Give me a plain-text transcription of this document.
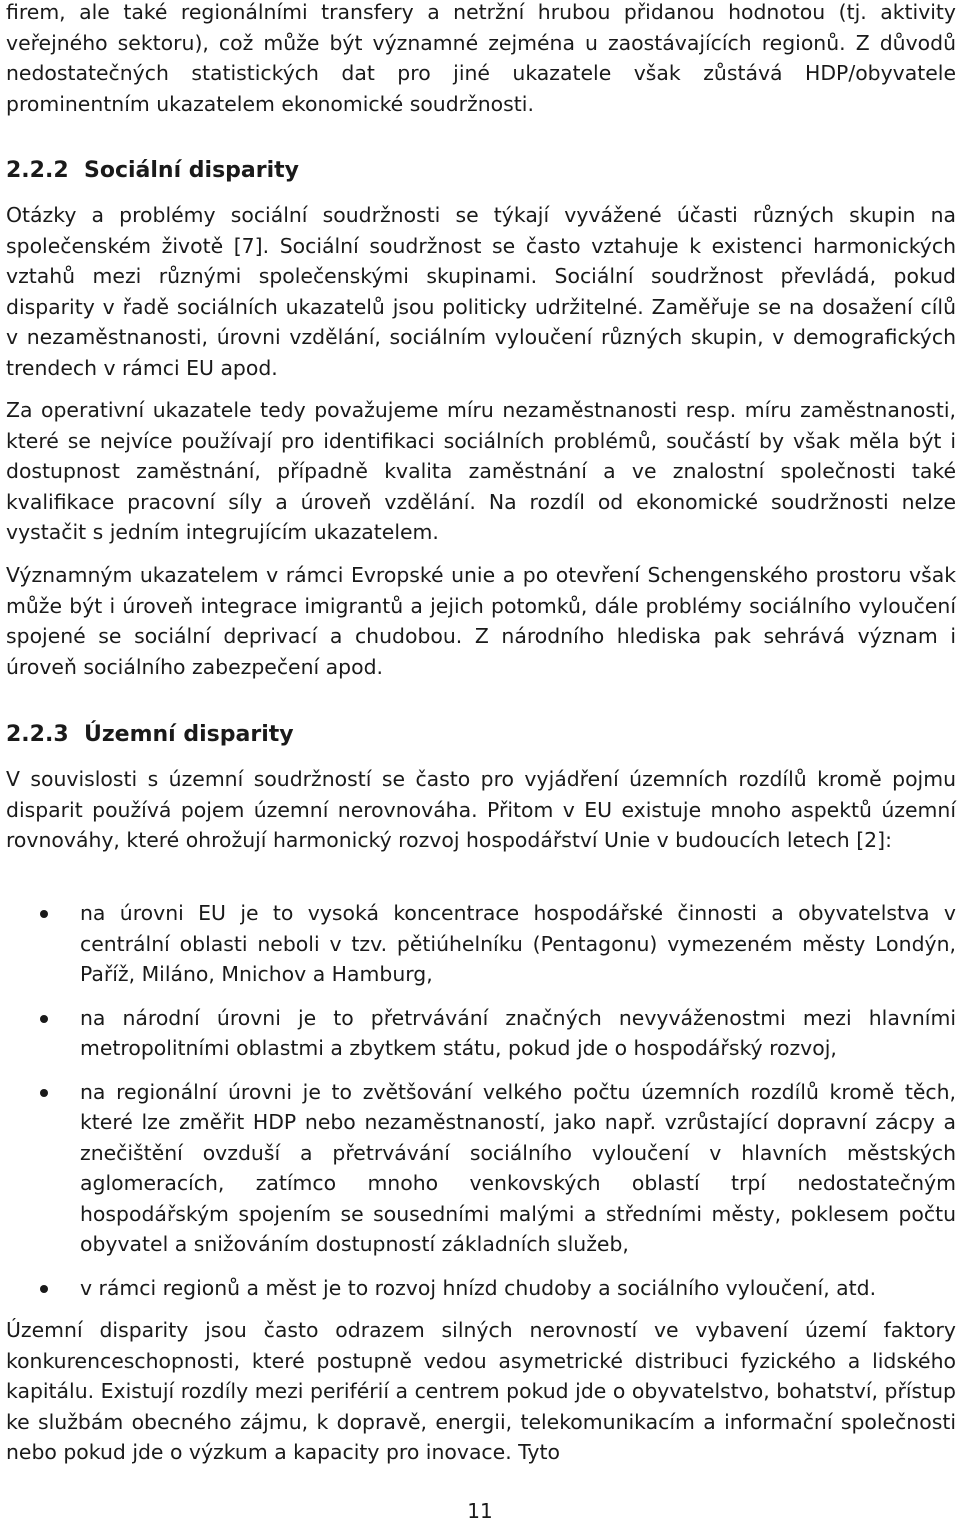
firem, ale také regionálními transfery a netržní hrubou přidanou hodnotou (tj. aktivity veřejného sektoru), což může být významné zejména u zaostávajících regionů. Z důvodů nedostatečných statistických dat pro jiné ukazatele však zůstává HDP/obyvatele prominentním ukazatelem ekonomické soudržnosti.

2.2.2 Sociální disparity

Otázky a problémy sociální soudržnosti se týkají vyvážené účasti různých skupin na společenském životě [7]. Sociální soudržnost se často vztahuje k existenci harmonických vztahů mezi různými společenskými skupinami. Sociální soudržnost převládá, pokud disparity v řadě sociálních ukazatelů jsou politicky udržitelné. Zaměřuje se na dosažení cílů v nezaměstnanosti, úrovni vzdělání, sociálním vyloučení různých skupin, v demografických trendech v rámci EU apod.

Za operativní ukazatele tedy považujeme míru nezaměstnanosti resp. míru zaměstnanosti, které se nejvíce používají pro identifikaci sociálních problémů, součástí by však měla být i dostupnost zaměstnání, případně kvalita zaměstnání a ve znalostní společnosti také kvalifikace pracovní síly a úroveň vzdělání. Na rozdíl od ekonomické soudržnosti nelze vystačit s jedním integrujícím ukazatelem.

Významným ukazatelem v rámci Evropské unie a po otevření Schengenského prostoru však může být i úroveň integrace imigrantů a jejich potomků, dále problémy sociálního vyloučení spojené se sociální deprivací a chudobou. Z národního hlediska pak sehrává význam i úroveň sociálního zabezpečení apod.

2.2.3 Územní disparity

V souvislosti s územní soudržností se často pro vyjádření územních rozdílů kromě pojmu disparit používá pojem územní nerovnováha. Přitom v EU existuje mnoho aspektů územní rovnováhy, které ohrožují harmonický rozvoj hospodářství Unie v budoucích letech [2]:

na úrovni EU je to vysoká koncentrace hospodářské činnosti a obyvatelstva v centrální oblasti neboli v tzv. pětiúhelníku (Pentagonu) vymezeném městy Londýn, Paříž, Miláno, Mnichov a Hamburg,
na národní úrovni je to přetrvávání značných nevyváženostmi mezi hlavními metropolitními oblastmi a zbytkem státu, pokud jde o hospodářský rozvoj,
na regionální úrovni je to zvětšování velkého počtu územních rozdílů kromě těch, které lze změřit HDP nebo nezaměstnaností, jako např. vzrůstající dopravní zácpy a znečištění ovzduší a přetrvávání sociálního vyloučení v hlavních městských aglomeracích, zatímco mnoho venkovských oblastí trpí nedostatečným hospodářským spojením se sousedními malými a středními městy, poklesem počtu obyvatel a snižováním dostupností základních služeb,
v rámci regionů a měst je to rozvoj hnízd chudoby a sociálního vyloučení, atd.

Územní disparity jsou často odrazem silných nerovností ve vybavení území faktory konkurenceschopnosti, které postupně vedou asymetrické distribuci fyzického a lidského kapitálu. Existují rozdíly mezi periférií a centrem pokud jde o obyvatelstvo, bohatství, přístup ke službám obecného zájmu, k dopravě, energii, telekomunikacím a informační společnosti nebo pokud jde o výzkum a kapacity pro inovace. Tyto

11
